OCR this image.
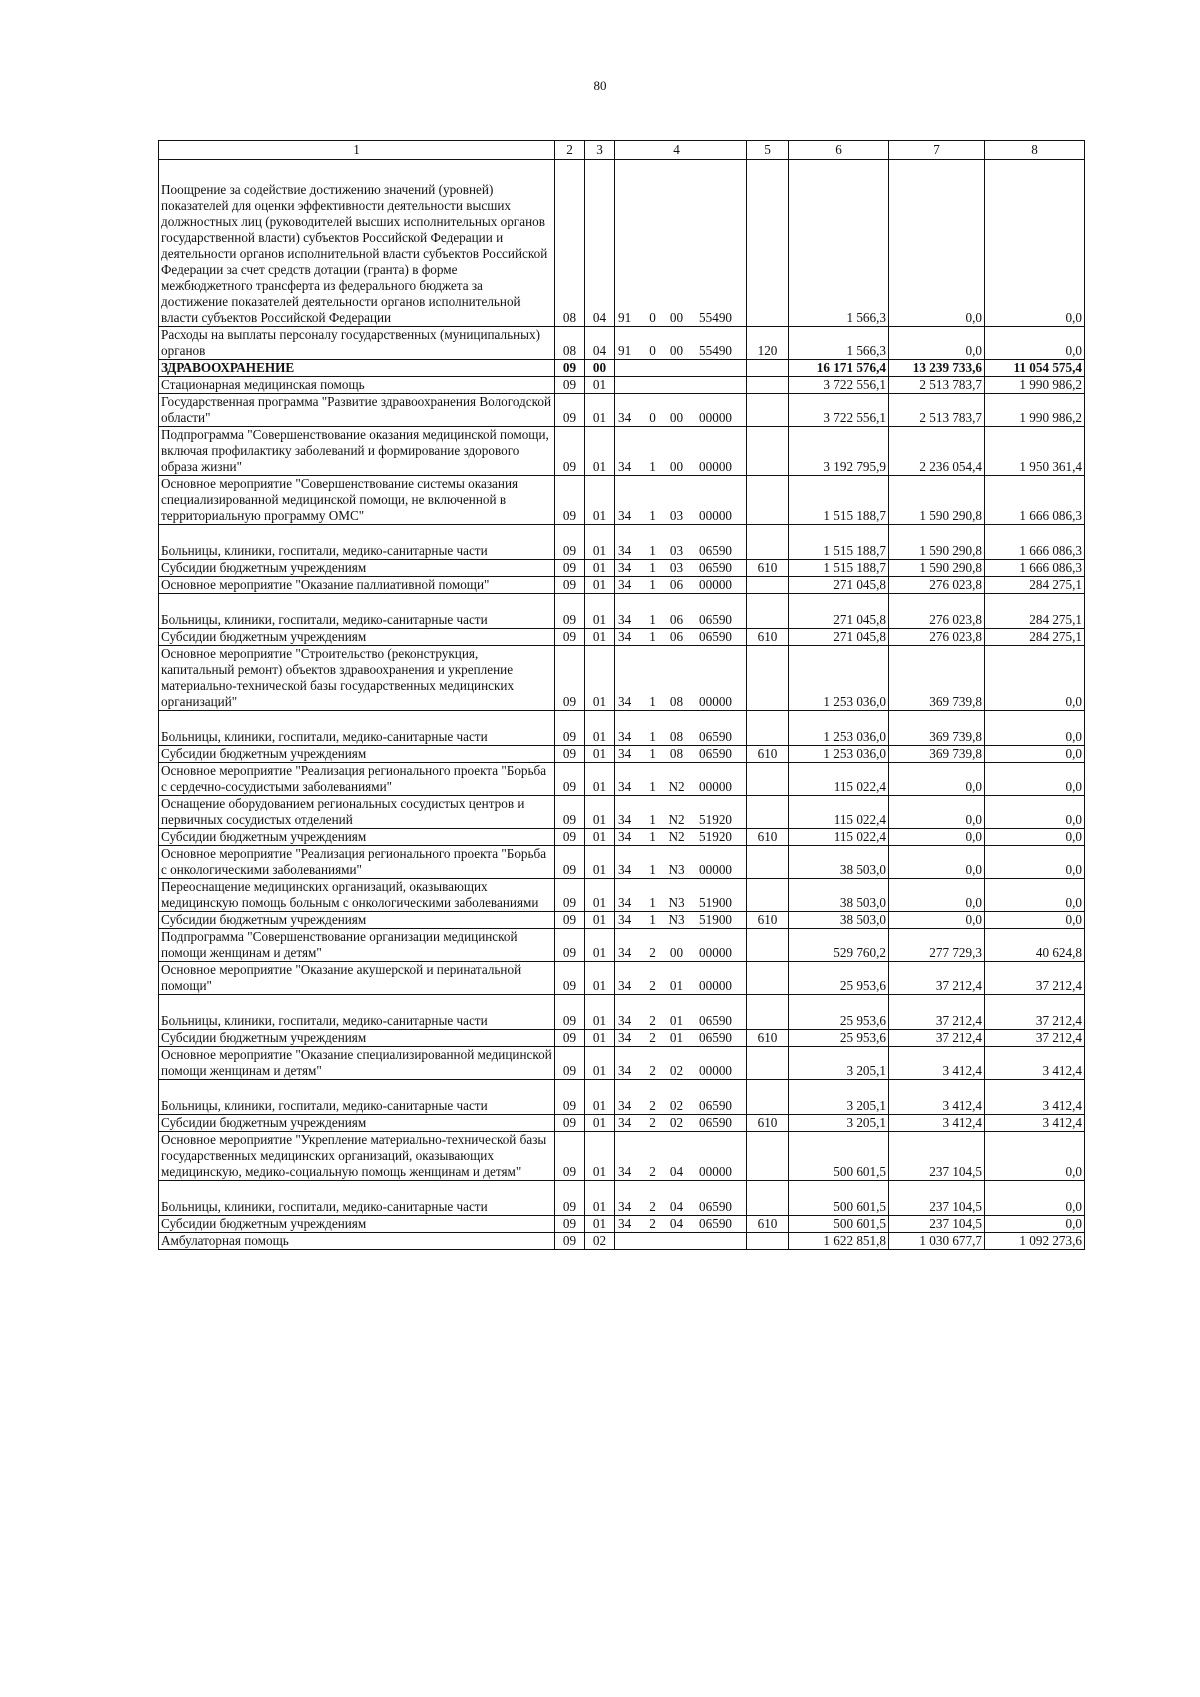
80
1	2	3			4		5	6	7	8
Поощрение за содействие достижению значений (уровней) показателей для оценки эффективности деятельности высших должностных лиц (руководителей высших исполнительных органов государственной власти) субъектов Российской Федерации и деятельности органов исполнительной власти субъектов Российской Федерации за счет средств дотации (гранта) в форме межбюджетного трансферта из федерального бюджета за достижение показателей деятельности органов исполнительной власти субъектов Российской Федерации	08	04	91	0	00	55490		1 566,3	0,0	0,0
Расходы на выплаты персоналу государственных (муниципальных) органов	08	04	91	0	00	55490	120	1 566,3	0,0	0,0
ЗДРАВООХРАНЕНИЕ	09	00						16 171 576,4	13 239 733,6	11 054 575,4
Стационарная медицинская помощь	09	01						3 722 556,1	2 513 783,7	1 990 986,2
Государственная программа "Развитие здравоохранения Вологодской области"	09	01	34	0	00	00000		3 722 556,1	2 513 783,7	1 990 986,2
Подпрограмма "Совершенствование оказания медицинской помощи, включая профилактику заболеваний и формирование здорового образа жизни"	09	01	34	1	00	00000		3 192 795,9	2 236 054,4	1 950 361,4
Основное мероприятие "Совершенствование системы оказания специализированной медицинской помощи, не включенной в территориальную программу ОМС"	09	01	34	1	03	00000		1 515 188,7	1 590 290,8	1 666 086,3
Больницы, клиники, госпитали, медико-санитарные части	09	01	34	1	03	06590		1 515 188,7	1 590 290,8	1 666 086,3
Субсидии бюджетным учреждениям	09	01	34	1	03	06590	610	1 515 188,7	1 590 290,8	1 666 086,3
Основное мероприятие "Оказание паллиативной помощи"	09	01	34	1	06	00000		271 045,8	276 023,8	284 275,1
Больницы, клиники, госпитали, медико-санитарные части	09	01	34	1	06	06590		271 045,8	276 023,8	284 275,1
Субсидии бюджетным учреждениям	09	01	34	1	06	06590	610	271 045,8	276 023,8	284 275,1
Основное мероприятие "Строительство (реконструкция, капитальный ремонт) объектов здравоохранения и укрепление материально-технической базы государственных медицинских организаций"	09	01	34	1	08	00000		1 253 036,0	369 739,8	0,0
Больницы, клиники, госпитали, медико-санитарные части	09	01	34	1	08	06590		1 253 036,0	369 739,8	0,0
Субсидии бюджетным учреждениям	09	01	34	1	08	06590	610	1 253 036,0	369 739,8	0,0
Основное мероприятие "Реализация регионального проекта "Борьба с сердечно-сосудистыми заболеваниями"	09	01	34	1	N2	00000		115 022,4	0,0	0,0
Оснащение оборудованием региональных сосудистых центров и первичных сосудистых отделений	09	01	34	1	N2	51920		115 022,4	0,0	0,0
Субсидии бюджетным учреждениям	09	01	34	1	N2	51920	610	115 022,4	0,0	0,0
Основное мероприятие "Реализация регионального проекта "Борьба с онкологическими заболеваниями"	09	01	34	1	N3	00000		38 503,0	0,0	0,0
Переоснащение медицинских организаций, оказывающих медицинскую помощь больным с онкологическими заболеваниями	09	01	34	1	N3	51900		38 503,0	0,0	0,0
Субсидии бюджетным учреждениям	09	01	34	1	N3	51900	610	38 503,0	0,0	0,0
Подпрограмма "Совершенствование организации медицинской помощи женщинам и детям"	09	01	34	2	00	00000		529 760,2	277 729,3	40 624,8
Основное мероприятие "Оказание акушерской и перинатальной помощи"	09	01	34	2	01	00000		25 953,6	37 212,4	37 212,4
Больницы, клиники, госпитали, медико-санитарные части	09	01	34	2	01	06590		25 953,6	37 212,4	37 212,4
Субсидии бюджетным учреждениям	09	01	34	2	01	06590	610	25 953,6	37 212,4	37 212,4
Основное мероприятие "Оказание специализированной медицинской помощи женщинам и детям"	09	01	34	2	02	00000		3 205,1	3 412,4	3 412,4
Больницы, клиники, госпитали, медико-санитарные части	09	01	34	2	02	06590		3 205,1	3 412,4	3 412,4
Субсидии бюджетным учреждениям	09	01	34	2	02	06590	610	3 205,1	3 412,4	3 412,4
Основное мероприятие "Укрепление материально-технической базы государственных медицинских организаций, оказывающих медицинскую, медико-социальную помощь женщинам и детям"	09	01	34	2	04	00000		500 601,5	237 104,5	0,0
Больницы, клиники, госпитали, медико-санитарные части	09	01	34	2	04	06590		500 601,5	237 104,5	0,0
Субсидии бюджетным учреждениям	09	01	34	2	04	06590	610	500 601,5	237 104,5	0,0
Амбулаторная помощь	09	02						1 622 851,8	1 030 677,7	1 092 273,6
